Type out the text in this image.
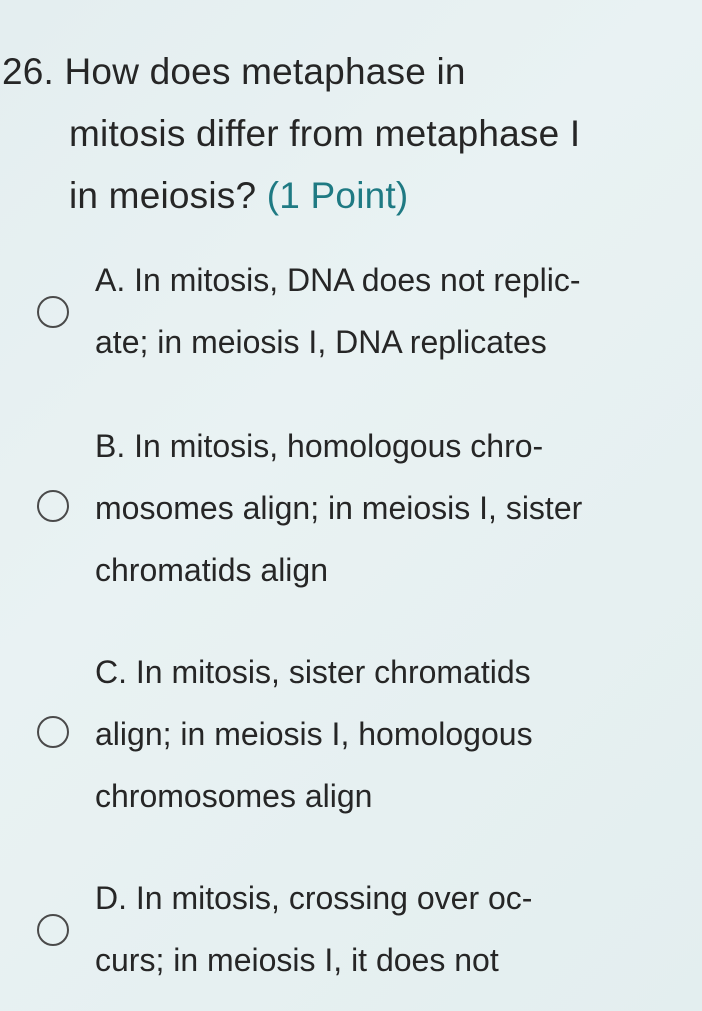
26. How does metaphase in
mitosis differ from metaphase I
in meiosis? (1 Point)
A. In mitosis, DNA does not replic-
ate; in meiosis I, DNA replicates
B. In mitosis, homologous chro-
mosomes align; in meiosis I, sister
chromatids align
C. In mitosis, sister chromatids
align; in meiosis I, homologous
chromosomes align
D. In mitosis, crossing over oc-
curs; in meiosis I, it does not
